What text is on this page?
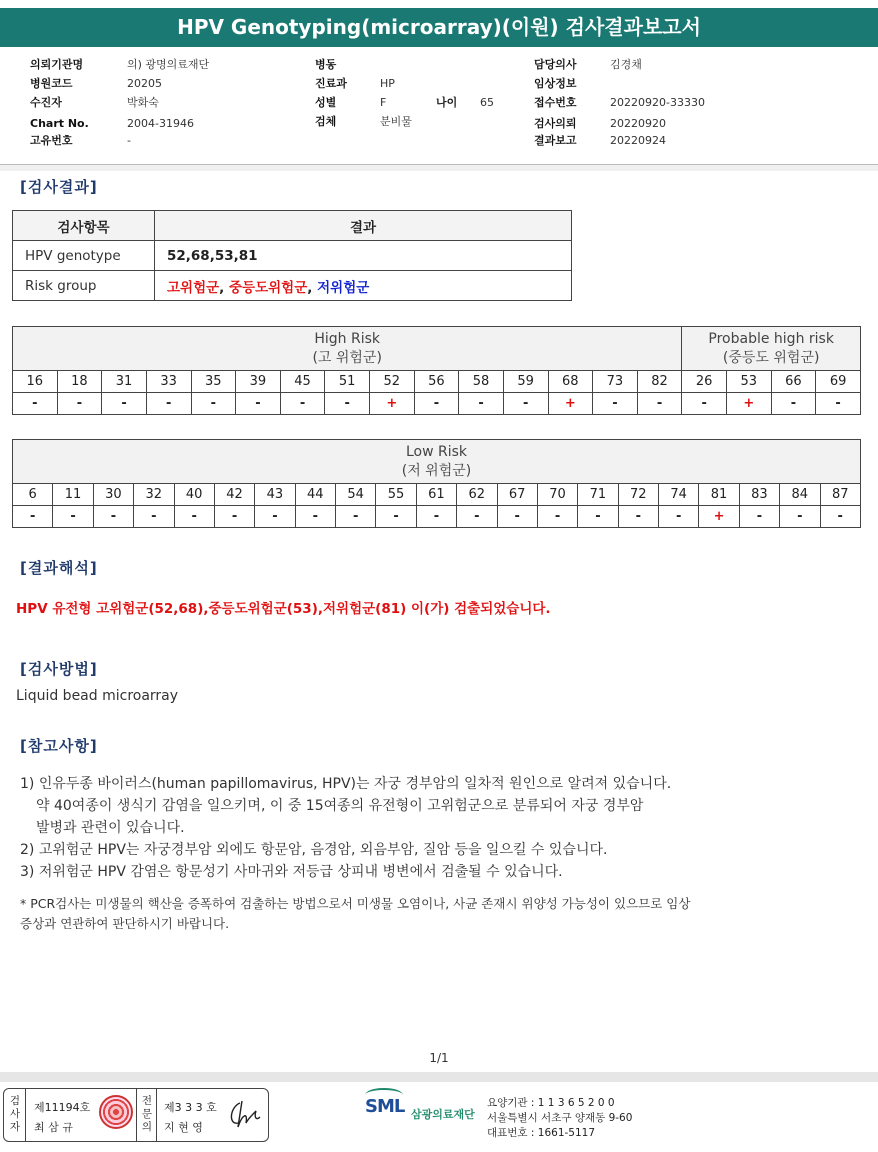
HPV Genotyping(microarray)(이원) 검사결과보고서
의뢰기관명	의) 광명의료재단
병원코드	20205
수진자	박화숙
Chart No.	2004-31946
고유번호	-
병동
진료과	HP
성별	F	나이 65
검체	분비물
담당의사	김경채
임상정보
접수번호	20220920-33330
검사의뢰	20220920
결과보고	20220924
[검사결과]
검사항목	결과
HPV genotype	52,68,53,81
Risk group	고위험군, 중등도위험군, 저위험군
High Risk
(고 위험군)															Probable high risk
(중등도 위험군)			
16	18	31	33	35	39	45	51	52	56	58	59	68	73	82	26	53	66	69
-	-	-	-	-	-	-	-	+	-	-	-	+	-	-	-	+	-	-
Low Risk
(저 위험군)																				
6	11	30	32	40	42	43	44	54	55	61	62	67	70	71	72	74	81	83	84	87
-	-	-	-	-	-	-	-	-	-	-	-	-	-	-	-	-	+	-	-	-
[결과해석]
HPV 유전형 고위험군(52,68),중등도위험군(53),저위험군(81) 이(가) 검출되었습니다.
[검사방법]
Liquid bead microarray
[참고사항]
1) 인유두종 바이러스(human papillomavirus, HPV)는 자궁 경부암의 일차적 원인으로 알려져 있습니다.
약 40여종이 생식기 감염을 일으키며, 이 중 15여종의 유전형이 고위험군으로 분류되어 자궁 경부암
발병과 관련이 있습니다.
2) 고위험군 HPV는 자궁경부암 외에도 항문암, 음경암, 외음부암, 질암 등을 일으킬 수 있습니다.
3) 저위험군 HPV 감염은 항문성기 사마귀와 저등급 상피내 병변에서 검출될 수 있습니다.
* PCR검사는 미생물의 핵산을 증폭하여 검출하는 방법으로서 미생물 오염이나, 사균 존재시 위양성 가능성이 있으므로 임상
증상과 연관하여 판단하시기 바랍니다.
1/1
검사자
제11194호
최 삼 규
전문의
제3 3 3 호
지 현 영
SML 삼광의료재단
요양기관 : 1 1 3 6 5 2 0 0
서울특별시 서초구 양재동 9-60
대표번호 : 1661-5117
